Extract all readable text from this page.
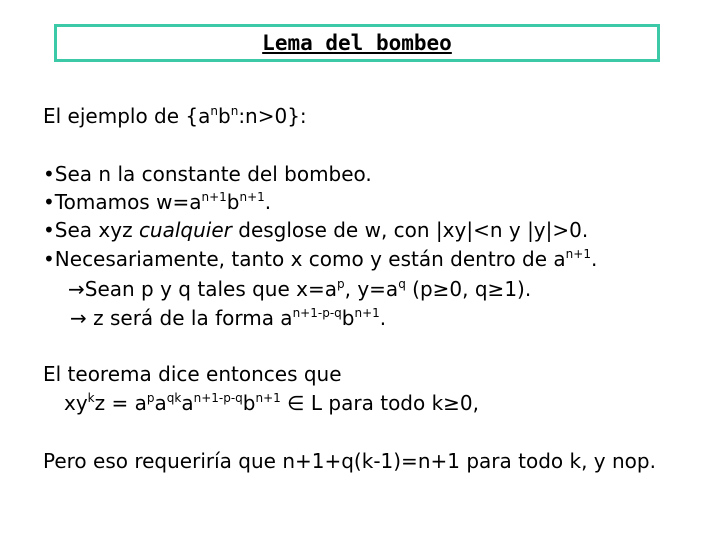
Lema del bombeo
El ejemplo de $\{a^nb^n:n>0\}$:
•Sea n la constante del bombeo.
•Tomamos $w=a^{n+1}b^{n+1}$.
•Sea xyz cualquier desglose de w, con |xy|<n y |y|>0.
•Necesariamente, tanto x como y están dentro de $a^{n+1}$.
→Sean p y q tales que $x=a^p$, $y=a^q$ (p≥0, q≥1).
→ z será de la forma $a^{n+1-p-q}b^{n+1}$.
El teorema dice entonces que
$xy^kz = a^pa^{qk}a^{n+1-p-q}b^{n+1}$ ∈ L para todo k≥0,
Pero eso requeriría que n+1+q(k-1)=n+1 para todo k, y nop.
